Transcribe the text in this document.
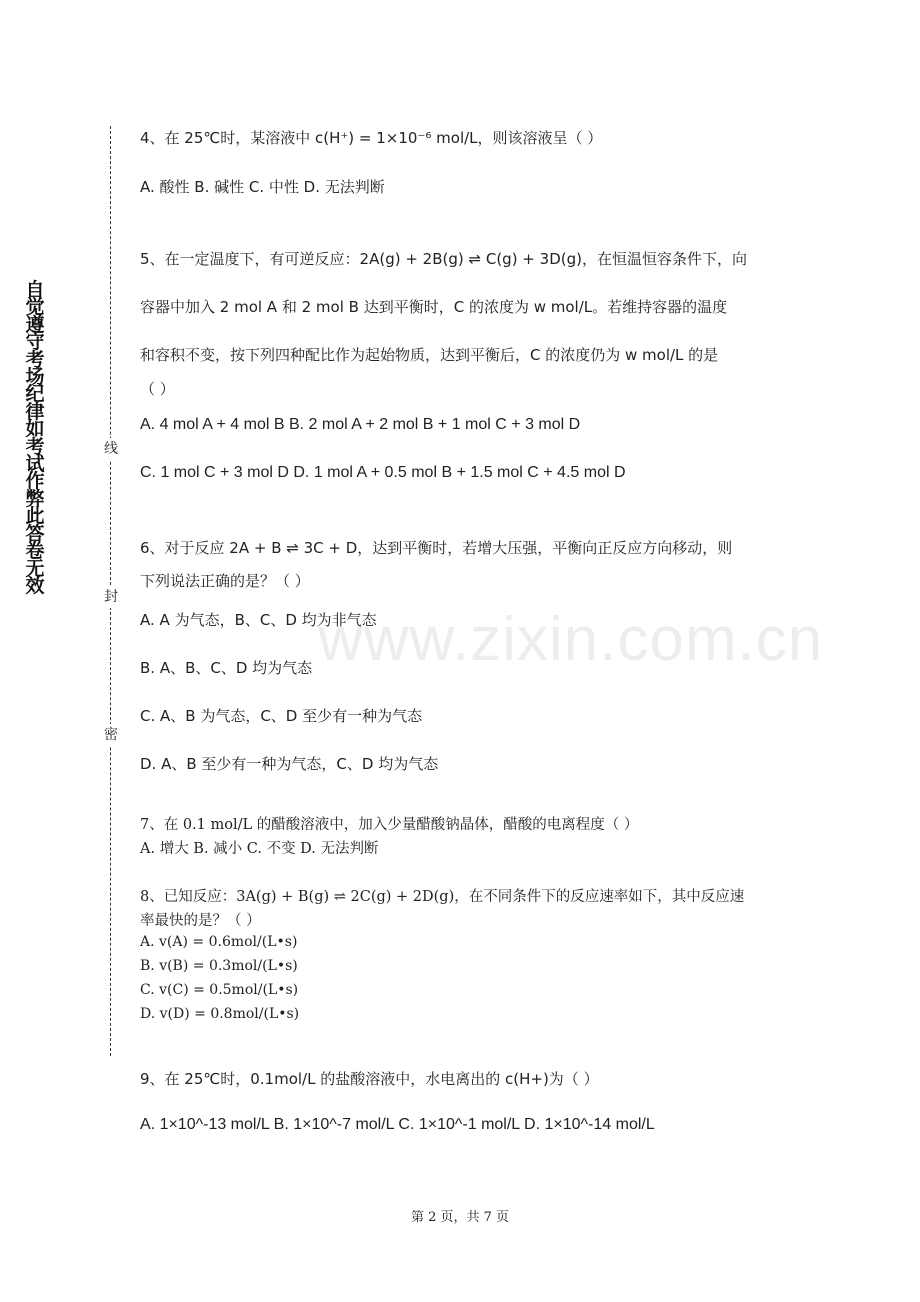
自觉遵守考场纪律如考试作弊此答卷无效
线
封
密
www.zixin.com.cn
4、在 25℃时，某溶液中 c(H⁺) = 1×10⁻⁶ mol/L，则该溶液呈（ ）
A. 酸性 B. 碱性 C. 中性 D. 无法判断
5、在一定温度下，有可逆反应：2A(g) + 2B(g) ⇌ C(g) + 3D(g)，在恒温恒容条件下，向
容器中加入 2 mol A 和 2 mol B 达到平衡时，C 的浓度为 w mol/L。若维持容器的温度
和容积不变，按下列四种配比作为起始物质，达到平衡后，C 的浓度仍为 w mol/L 的是
（ ）
A. 4 mol A + 4 mol B B. 2 mol A + 2 mol B + 1 mol C + 3 mol D
C. 1 mol C + 3 mol D D. 1 mol A + 0.5 mol B + 1.5 mol C + 4.5 mol D
6、对于反应 2A + B ⇌ 3C + D，达到平衡时，若增大压强，平衡向正反应方向移动，则
下列说法正确的是？（ ）
A. A 为气态，B、C、D 均为非气态
B. A、B、C、D 均为气态
C. A、B 为气态，C、D 至少有一种为气态
D. A、B 至少有一种为气态，C、D 均为气态
7、在 0.1 mol/L 的醋酸溶液中，加入少量醋酸钠晶体，醋酸的电离程度（ ）
A. 增大 B. 减小 C. 不变 D. 无法判断
8、已知反应：3A(g) + B(g) ⇌ 2C(g) + 2D(g)，在不同条件下的反应速率如下，其中反应速
率最快的是？（ ）
A. v(A) = 0.6mol/(L•s)
B. v(B) = 0.3mol/(L•s)
C. v(C) = 0.5mol/(L•s)
D. v(D) = 0.8mol/(L•s)
9、在 25℃时，0.1mol/L 的盐酸溶液中，水电离出的 c(H+)为（ ）
A. 1×10^-13 mol/L B. 1×10^-7 mol/L C. 1×10^-1 mol/L D. 1×10^-14 mol/L
第 2 页，共 7 页
